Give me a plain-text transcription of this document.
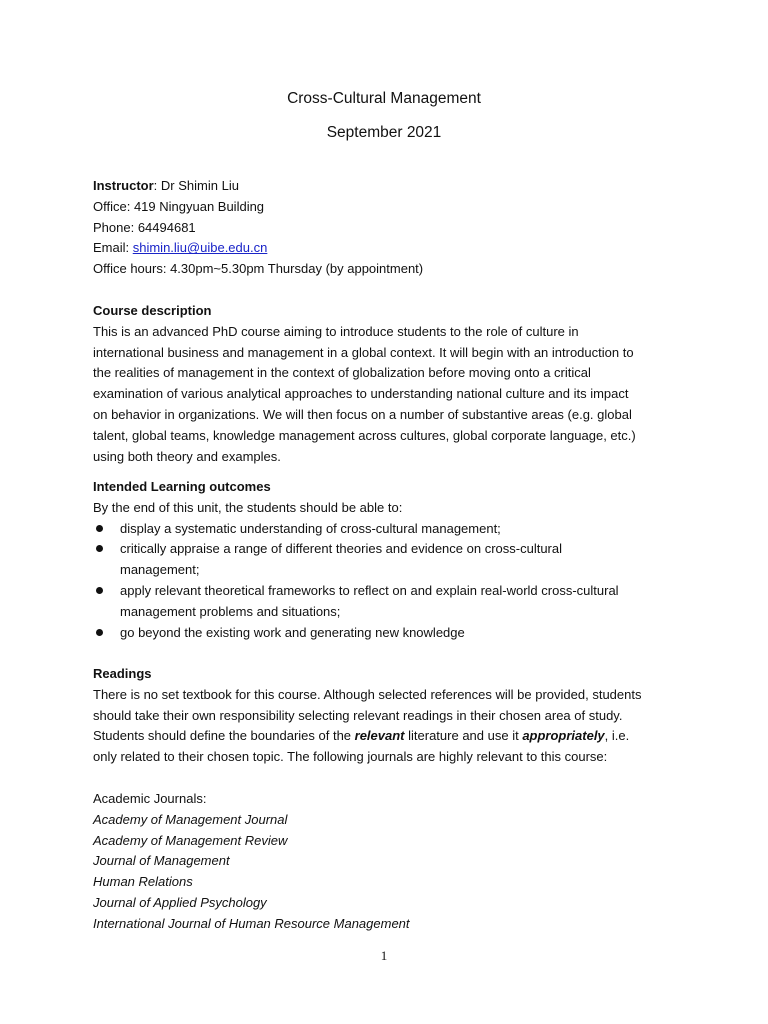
Cross-Cultural Management
September 2021
Instructor: Dr Shimin Liu
Office: 419 Ningyuan Building
Phone: 64494681
Email: shimin.liu@uibe.edu.cn
Office hours: 4.30pm~5.30pm Thursday (by appointment)
Course description
This is an advanced PhD course aiming to introduce students to the role of culture in
international business and management in a global context. It will begin with an introduction to
the realities of management in the context of globalization before moving onto a critical
examination of various analytical approaches to understanding national culture and its impact
on behavior in organizations. We will then focus on a number of substantive areas (e.g. global
talent, global teams, knowledge management across cultures, global corporate language, etc.)
using both theory and examples.
Intended Learning outcomes
By the end of this unit, the students should be able to:
display a systematic understanding of cross-cultural management;
critically appraise a range of different theories and evidence on cross-cultural
management;
apply relevant theoretical frameworks to reflect on and explain real-world cross-cultural
management problems and situations;
go beyond the existing work and generating new knowledge
Readings
There is no set textbook for this course. Although selected references will be provided, students
should take their own responsibility selecting relevant readings in their chosen area of study.
Students should define the boundaries of the relevant literature and use it appropriately, i.e.
only related to their chosen topic. The following journals are highly relevant to this course:
Academic Journals:
Academy of Management Journal
Academy of Management Review
Journal of Management
Human Relations
Journal of Applied Psychology
International Journal of Human Resource Management
1
